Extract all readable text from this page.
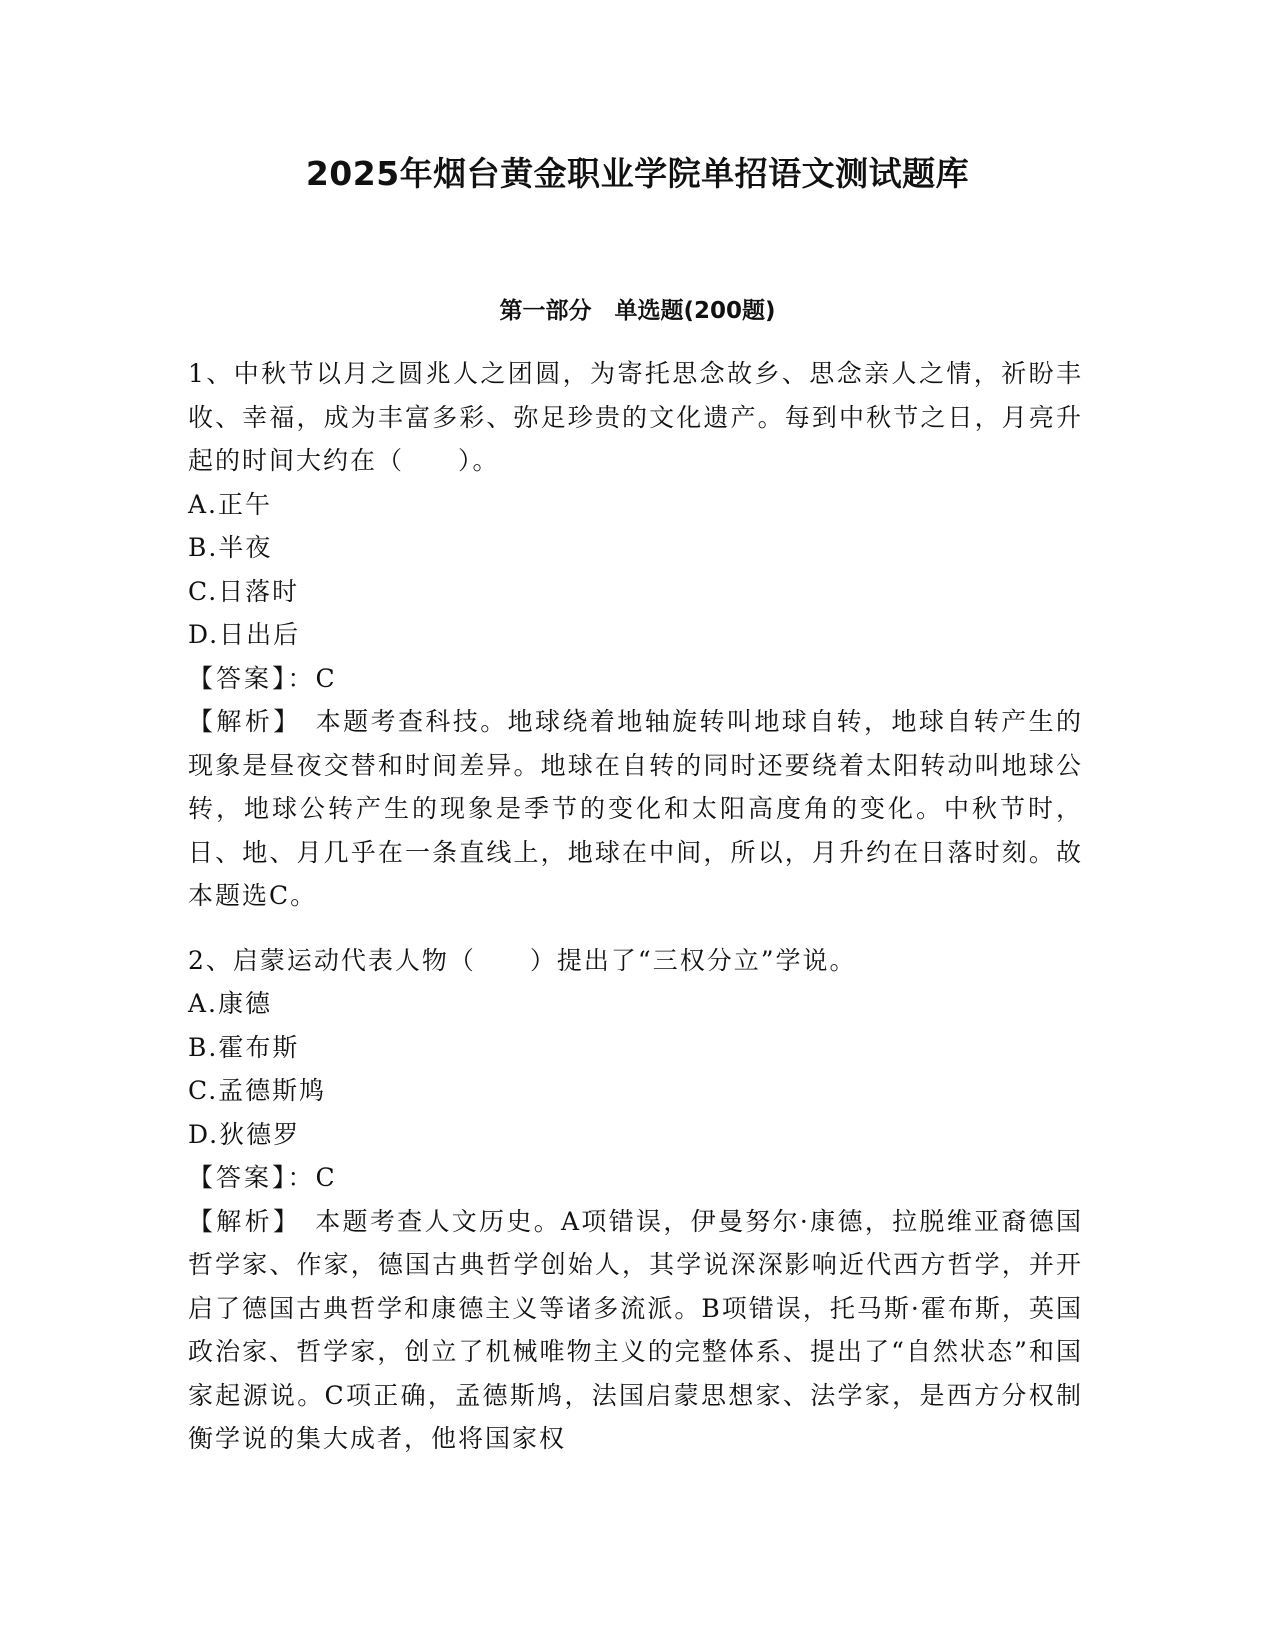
2025年烟台黄金职业学院单招语文测试题库
第一部分　单选题(200题)

1、中秋节以月之圆兆人之团圆，为寄托思念故乡、思念亲人之情，祈盼丰收、幸福，成为丰富多彩、弥足珍贵的文化遗产。每到中秋节之日，月亮升起的时间大约在（　　）。

A.正午

B.半夜

C.日落时

D.日出后

【答案】：C

【解析】 本题考查科技。地球绕着地轴旋转叫地球自转，地球自转产生的现象是昼夜交替和时间差异。地球在自转的同时还要绕着太阳转动叫地球公转，地球公转产生的现象是季节的变化和太阳高度角的变化。中秋节时，日、地、月几乎在一条直线上，地球在中间，所以，月升约在日落时刻。故本题选C。

2、启蒙运动代表人物（　　）提出了“三权分立”学说。

A.康德

B.霍布斯

C.孟德斯鸠

D.狄德罗

【答案】：C

【解析】 本题考查人文历史。A项错误，伊曼努尔·康德，拉脱维亚裔德国哲学家、作家，德国古典哲学创始人，其学说深深影响近代西方哲学，并开启了德国古典哲学和康德主义等诸多流派。B项错误，托马斯·霍布斯，英国政治家、哲学家，创立了机械唯物主义的完整体系、提出了“自然状态”和国家起源说。C项正确，孟德斯鸠，法国启蒙思想家、法学家，是西方分权制衡学说的集大成者，他将国家权
